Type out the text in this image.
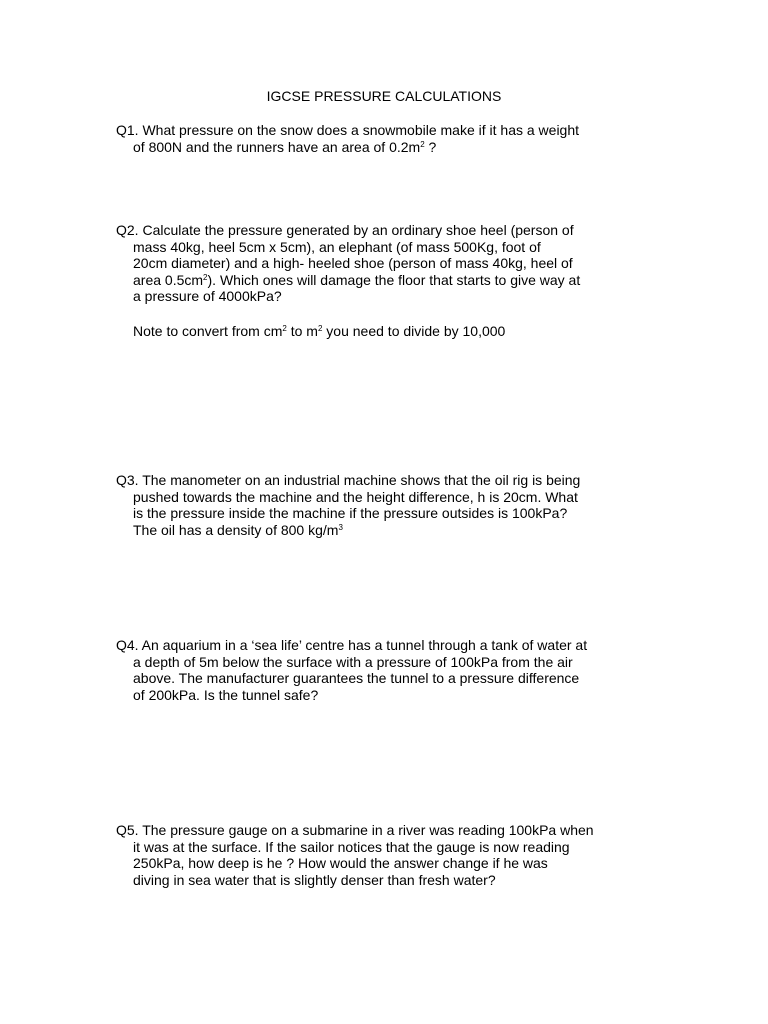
IGCSE PRESSURE CALCULATIONS
Q1. What pressure on the snow does a snowmobile make if it has a weight
of 800N and the runners have an area of $0.2m^2$ ?
Q2. Calculate the pressure generated by an ordinary shoe heel (person of
mass 40kg, heel 5cm x 5cm), an elephant (of mass 500Kg, foot of
20cm diameter) and a high- heeled shoe (person of mass 40kg, heel of
area $0.5cm^2$). Which ones will damage the floor that starts to give way at
a pressure of 4000kPa?
Note to convert from $cm^2$ to $m^2$ you need to divide by 10,000
Q3. The manometer on an industrial machine shows that the oil rig is being
pushed towards the machine and the height difference, h is 20cm. What
is the pressure inside the machine if the pressure outsides is 100kPa?
The oil has a density of 800 $kg/m^3$
Q4. An aquarium in a ‘sea life’ centre has a tunnel through a tank of water at
a depth of 5m below the surface with a pressure of 100kPa from the air
above. The manufacturer guarantees the tunnel to a pressure difference
of 200kPa. Is the tunnel safe?
Q5. The pressure gauge on a submarine in a river was reading 100kPa when
it was at the surface. If the sailor notices that the gauge is now reading
250kPa, how deep is he ? How would the answer change if he was
diving in sea water that is slightly denser than fresh water?
